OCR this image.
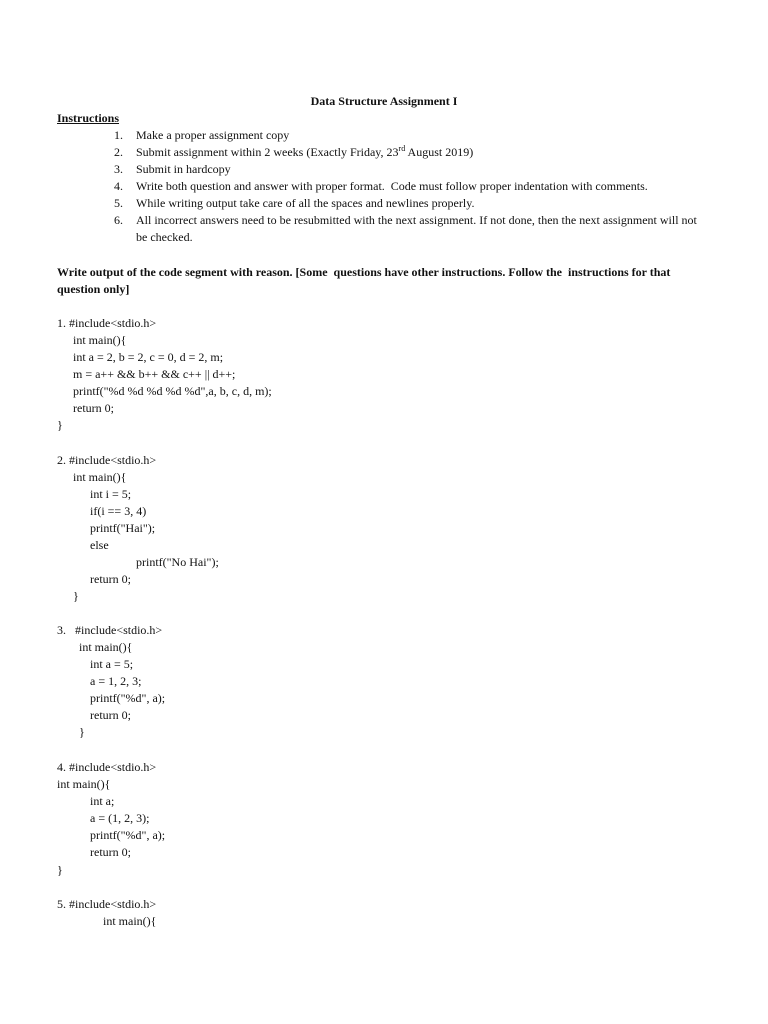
Data Structure Assignment I
Instructions
1. Make a proper assignment copy
2. Submit assignment within 2 weeks (Exactly Friday, 23rd August 2019)
3. Submit in hardcopy
4. Write both question and answer with proper format.  Code must follow proper indentation with comments.
5. While writing output take care of all the spaces and newlines properly.
6. All incorrect answers need to be resubmitted with the next assignment. If not done, then the next assignment will not
be checked.
Write output of the code segment with reason. [Some  questions have other instructions. Follow the  instructions for that
question only]
1. #include<stdio.h>
int main(){
int a = 2, b = 2, c = 0, d = 2, m;
m = a++ && b++ && c++ || d++;
printf("%d %d %d %d %d",a, b, c, d, m);
return 0;
}
2. #include<stdio.h>
int main(){
int i = 5;
if(i == 3, 4)
printf("Hai");
else
printf("No Hai");
return 0;
}
3.   #include<stdio.h>
int main(){
int a = 5;
a = 1, 2, 3;
printf("%d", a);
return 0;
}
4. #include<stdio.h>
int main(){
int a;
a = (1, 2, 3);
printf("%d", a);
return 0;
}
5. #include<stdio.h>
int main(){
